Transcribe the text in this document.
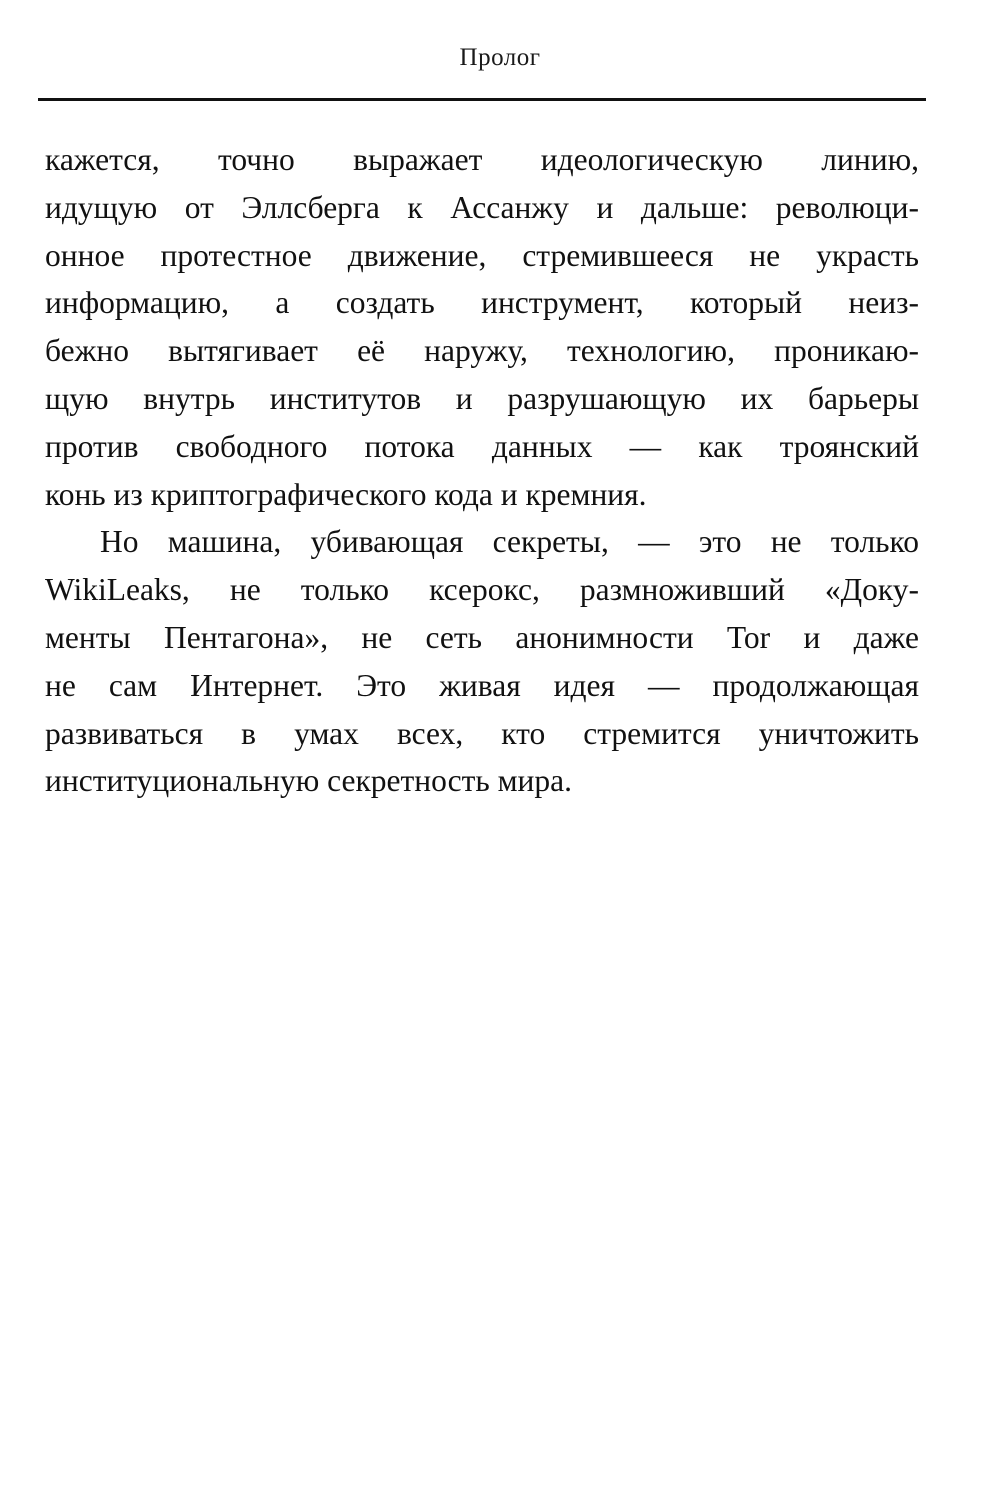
Пролог
кажется, точно выражает идеологическую линию,
идущую от Эллсберга к Ассанжу и дальше: революци-
онное протестное движение, стремившееся не украсть
информацию, а создать инструмент, который неиз-
бежно вытягивает её наружу, технологию, проникаю-
щую внутрь институтов и разрушающую их барьеры
против свободного потока данных — как троянский
конь из криптографического кода и кремния.
Но машина, убивающая секреты, — это не только
WikiLeaks, не только ксерокс, размноживший «Доку-
менты Пентагона», не сеть анонимности Tor и даже
не сам Интернет. Это живая идея — продолжающая
развиваться в умах всех, кто стремится уничтожить
институциональную секретность мира.
